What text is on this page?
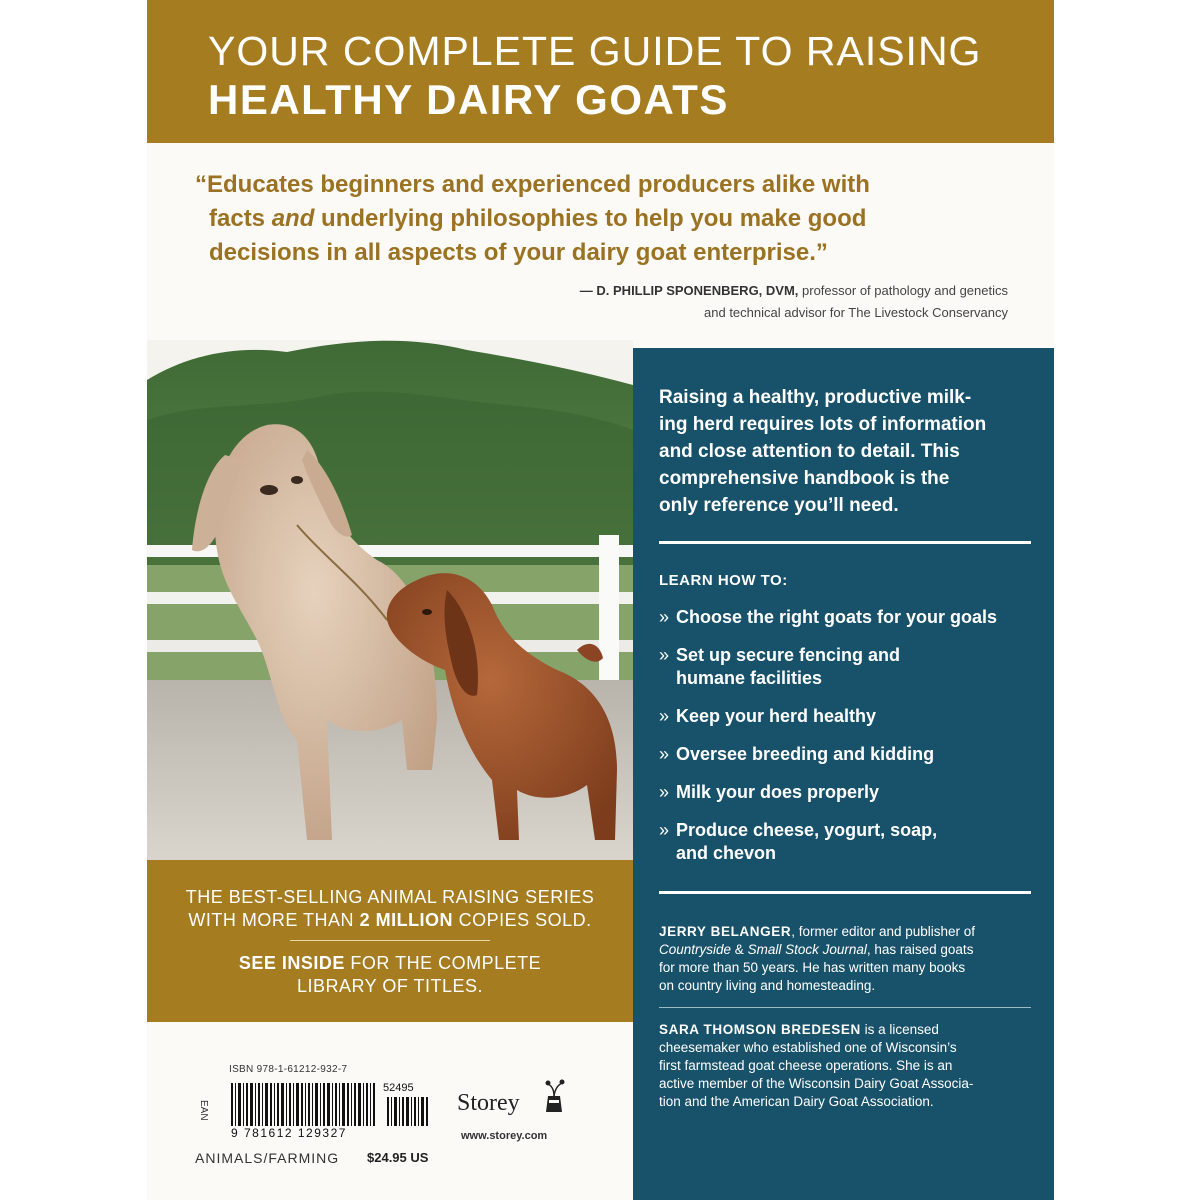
YOUR COMPLETE GUIDE TO RAISING
HEALTHY DAIRY GOATS
“Educates beginners and experienced producers alike with
facts and underlying philosophies to help you make good
decisions in all aspects of your dairy goat enterprise.”
— D. PHILLIP SPONENBERG, DVM, professor of pathology and genetics
and technical advisor for The Livestock Conservancy
THE BEST-SELLING ANIMAL RAISING SERIES
WITH MORE THAN 2 MILLION COPIES SOLD.
SEE INSIDE FOR THE COMPLETE
LIBRARY OF TITLES.
Raising a healthy, productive milk-
ing herd requires lots of information
and close attention to detail. This
comprehensive handbook is the
only reference you’ll need.
LEARN HOW TO:
» Choose the right goats for your goals
» Set up secure fencing and
humane facilities
» Keep your herd healthy
» Oversee breeding and kidding
» Milk your does properly
» Produce cheese, yogurt, soap,
and chevon
JERRY BELANGER, former editor and publisher of
Countryside & Small Stock Journal, has raised goats
for more than 50 years. He has written many books
on country living and homesteading.
SARA THOMSON BREDESEN is a licensed
cheesemaker who established one of Wisconsin’s
first farmstead goat cheese operations. She is an
active member of the Wisconsin Dairy Goat Associa-
tion and the American Dairy Goat Association.
ISBN 978-1-61212-932-7
EAN
9 781612 129327
52495
ANIMALS/FARMING $24.95 US
Storey
www.storey.com
